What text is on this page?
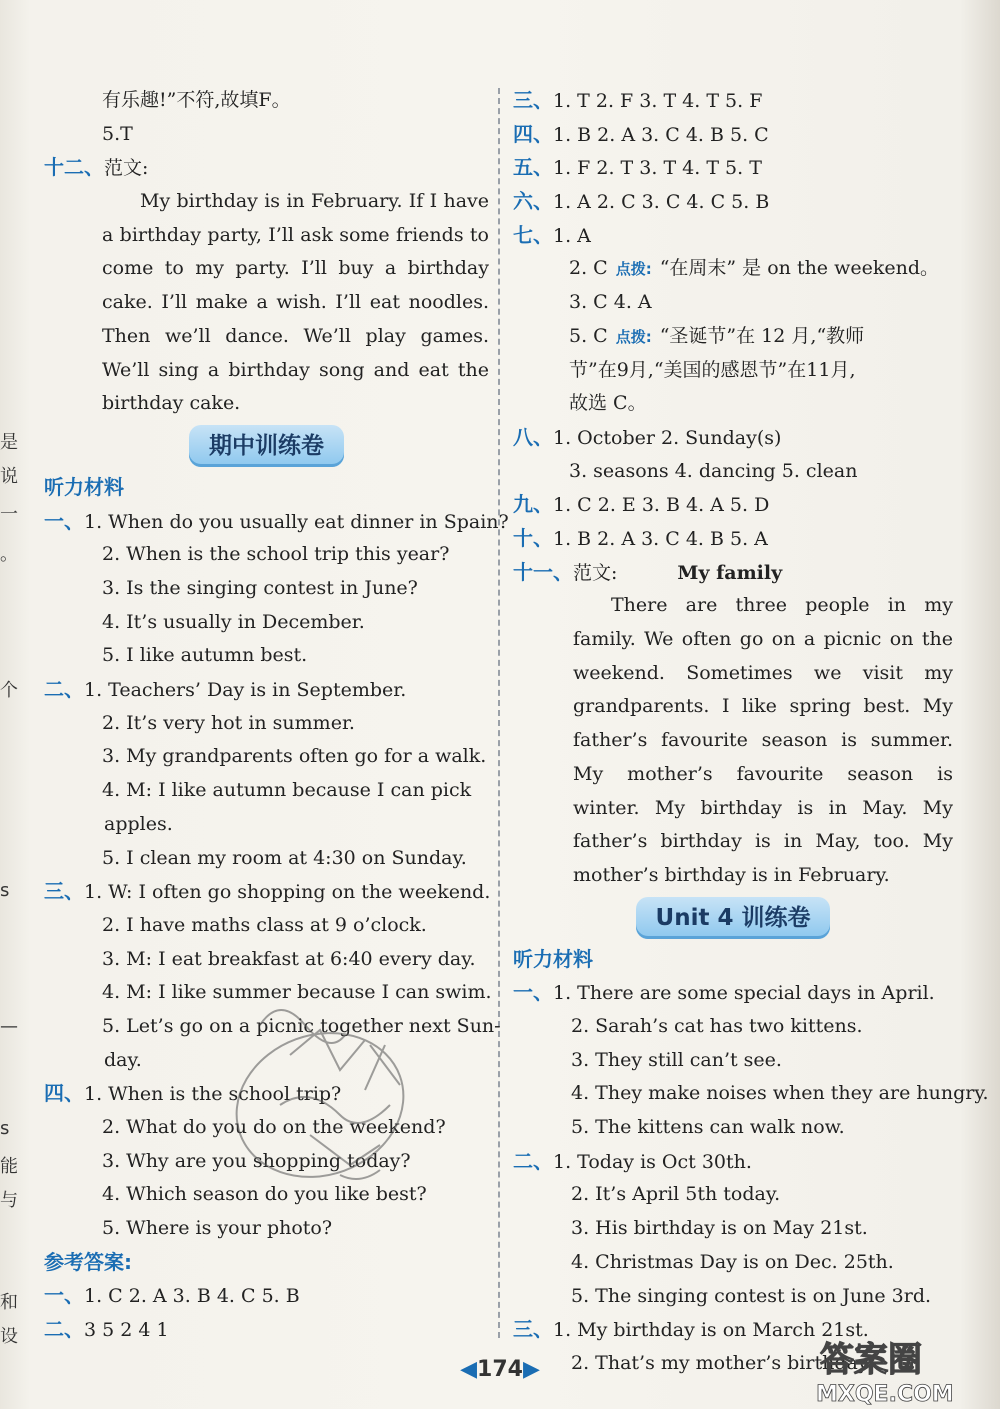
是
说
一
。
个
s
—
s
能
与
和
设
有乐趣!”不符,故填F。
5.T
十二、范文:

My birthday is in February. If I have a birthday party, I’ll ask some friends to come to my party. I’ll buy a birthday cake. I’ll make a wish. I’ll eat noodles. Then we’ll dance. We’ll play games. We’ll sing a birthday song and eat the birthday cake.

期中训练卷
听力材料
一、1. When do you usually eat dinner in Spain?
2. When is the school trip this year?
3. Is the singing contest in June?
4. It’s usually in December.
5. I like autumn best.
二、1. Teachers’ Day is in September.
2. It’s very hot in summer.
3. My grandparents often go for a walk.
4. M: I like autumn because I can pick
apples.
5. I clean my room at 4:30 on Sunday.
三、1. W: I often go shopping on the weekend.
2. I have maths class at 9 o’clock.
3. M: I eat breakfast at 6:40 every day.
4. M: I like summer because I can swim.
5. Let’s go on a picnic together next Sun-
day.
四、1. When is the school trip?
2. What do you do on the weekend?
3. Why are you shopping today?
4. Which season do you like best?
5. Where is your photo?
参考答案:
一、1. C 2. A 3. B 4. C 5. B
二、3 5 2 4 1
三、1. T 2. F 3. T 4. T 5. F
四、1. B 2. A 3. C 4. B 5. C
五、1. F 2. T 3. T 4. T 5. T
六、1. A 2. C 3. C 4. C 5. B
七、1. A
2. C 点拨: “在周末” 是 on the weekend。
3. C 4. A
5. C 点拨: “圣诞节”在 12 月,“教师
节”在9月,“美国的感恩节”在11月,
故选 C。
八、1. October 2. Sunday(s)
3. seasons 4. dancing 5. clean
九、1. C 2. E 3. B 4. A 5. D
十、1. B 2. A 3. C 4. B 5. A
十一、范文:	My family

There are three people in my family. We often go on a picnic on the weekend. Sometimes we visit my grandparents. I like spring best. My father’s favourite season is summer. My mother’s favourite season is winter. My birthday is in May. My father’s birthday is in May, too. My mother’s birthday is in February.

Unit 4 训练卷
听力材料
一、1. There are some special days in April.
2. Sarah’s cat has two kittens.
3. They still can’t see.
4. They make noises when they are hungry.
5. The kittens can walk now.
二、1. Today is Oct 30th.
2. It’s April 5th today.
3. His birthday is on May 21st.
4. Christmas Day is on Dec. 25th.
5. The singing contest is on June 3rd.
三、1. My birthday is on March 21st.
2. That’s my mother’s birthday
◀174▶	答案圈
MXQE.COM
